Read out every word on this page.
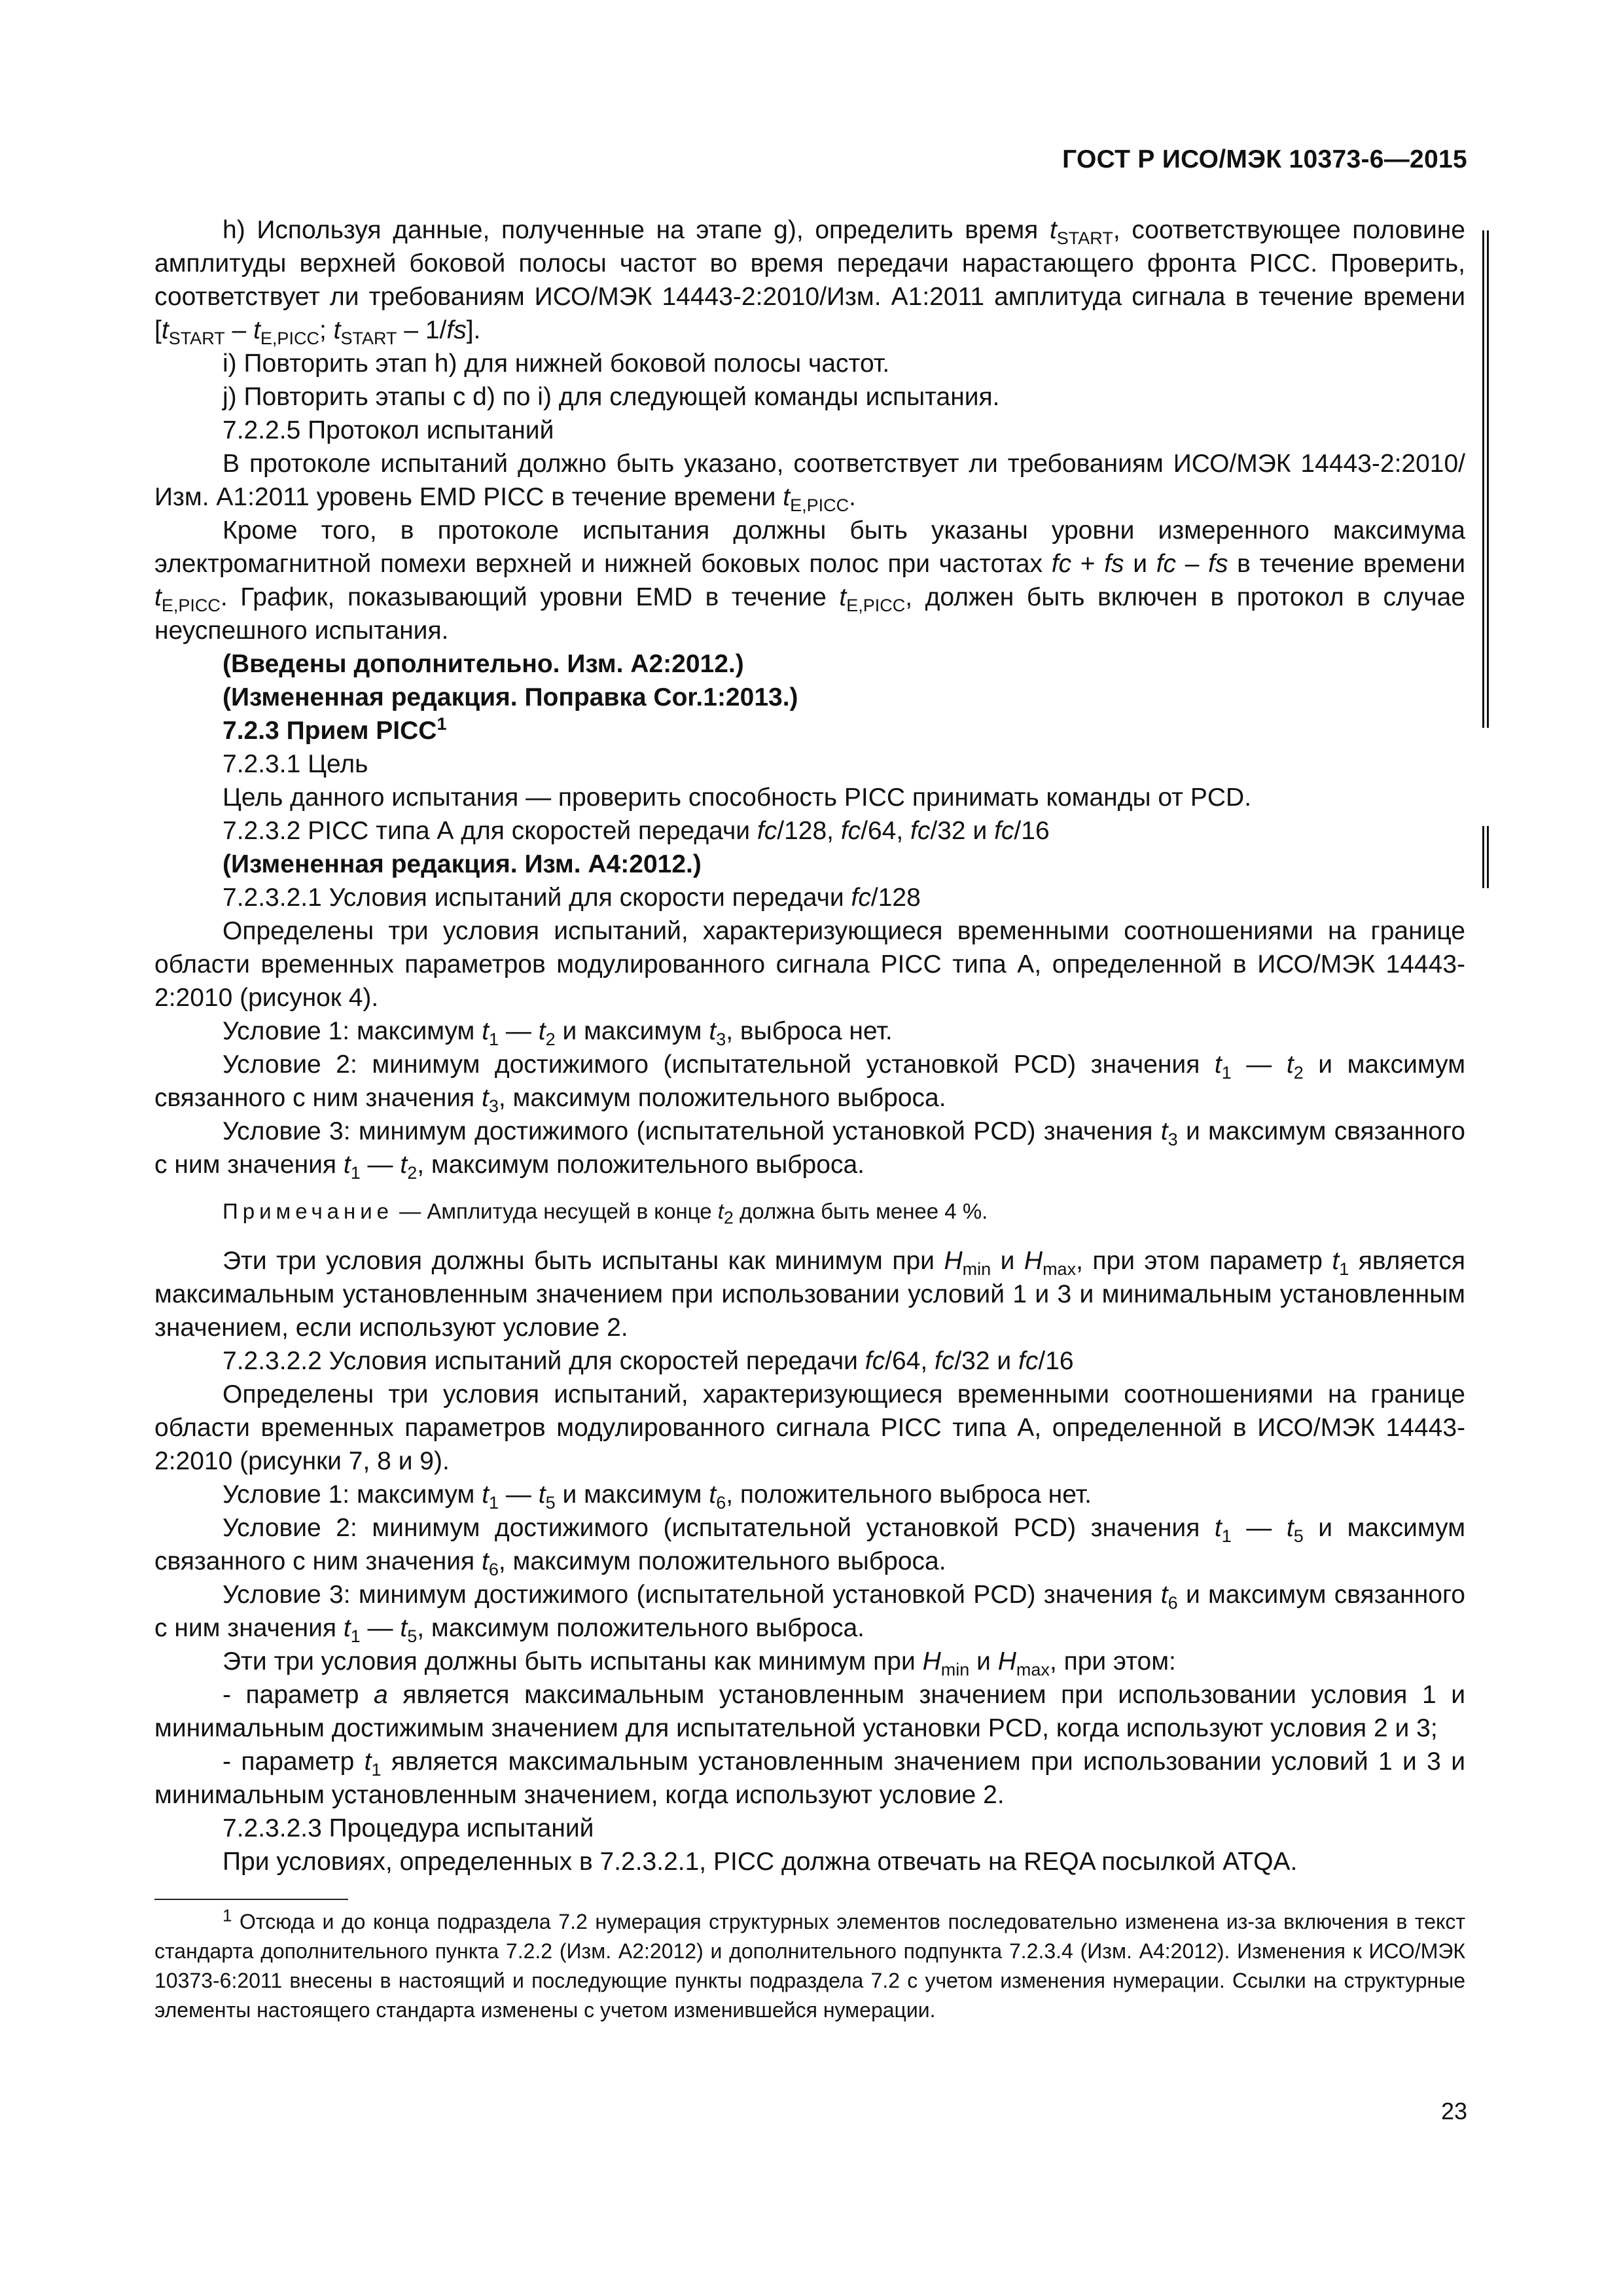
ГОСТ Р ИСО/МЭК 10373-6—2015

h) Используя данные, полученные на этапе g), определить время $t_{START}$, соответствующее половине амплитуды верхней боковой полосы частот во время передачи нарастающего фронта PICC. Проверить, соответствует ли требованиям ИСО/МЭК 14443-2:2010/Изм. A1:2011 амплитуда сигнала в течение времени [$t_{START} - t_{E,PICC}$; $t_{START} - 1/fs$].

i) Повторить этап h) для нижней боковой полосы частот.

j) Повторить этапы с d) по i) для следующей команды испытания.

7.2.2.5 Протокол испытаний

В протоколе испытаний должно быть указано, соответствует ли требованиям ИСО/МЭК 14443-2:2010/Изм. A1:2011 уровень EMD PICC в течение времени $t_{E,PICC}$.

Кроме того, в протоколе испытания должны быть указаны уровни измеренного максимума электромагнитной помехи верхней и нижней боковых полос при частотах fc + fs и fc – fs в течение времени $t_{E,PICC}$. График, показывающий уровни EMD в течение $t_{E,PICC}$, должен быть включен в протокол в случае неуспешного испытания.

(Введены дополнительно. Изм. A2:2012.)

(Измененная редакция. Поправка Cor.1:2013.)

7.2.3 Прием PICC$^1$

7.2.3.1 Цель

Цель данного испытания — проверить способность PICC принимать команды от PCD.

7.2.3.2 PICC типа А для скоростей передачи fc/128, fc/64, fc/32 и fc/16

(Измененная редакция. Изм. A4:2012.)

7.2.3.2.1 Условия испытаний для скорости передачи fc/128

Определены три условия испытаний, характеризующиеся временными соотношениями на границе области временных параметров модулированного сигнала PICC типа A, определенной в ИСО/МЭК 14443-2:2010 (рисунок 4).

Условие 1: максимум $t_1$ — $t_2$ и максимум $t_3$, выброса нет.

Условие 2: минимум достижимого (испытательной установкой PCD) значения $t_1$ — $t_2$ и максимум связанного с ним значения $t_3$, максимум положительного выброса.

Условие 3: минимум достижимого (испытательной установкой PCD) значения $t_3$ и максимум связанного с ним значения $t_1$ — $t_2$, максимум положительного выброса.

Примечание — Амплитуда несущей в конце $t_2$ должна быть менее 4 %.

Эти три условия должны быть испытаны как минимум при $H_{min}$ и $H_{max}$, при этом параметр $t_1$ является максимальным установленным значением при использовании условий 1 и 3 и минимальным установленным значением, если используют условие 2.

7.2.3.2.2 Условия испытаний для скоростей передачи fc/64, fc/32 и fc/16

Определены три условия испытаний, характеризующиеся временными соотношениями на границе области временных параметров модулированного сигнала PICC типа A, определенной в ИСО/МЭК 14443-2:2010 (рисунки 7, 8 и 9).

Условие 1: максимум $t_1$ — $t_5$ и максимум $t_6$, положительного выброса нет.

Условие 2: минимум достижимого (испытательной установкой PCD) значения $t_1$ — $t_5$ и максимум связанного с ним значения $t_6$, максимум положительного выброса.

Условие 3: минимум достижимого (испытательной установкой PCD) значения $t_6$ и максимум связанного с ним значения $t_1$ — $t_5$, максимум положительного выброса.

Эти три условия должны быть испытаны как минимум при $H_{min}$ и $H_{max}$, при этом:

- параметр a является максимальным установленным значением при использовании условия 1 и минимальным достижимым значением для испытательной установки PCD, когда используют условия 2 и 3;

- параметр $t_1$ является максимальным установленным значением при использовании условий 1 и 3 и минимальным установленным значением, когда используют условие 2.

7.2.3.2.3 Процедура испытаний

При условиях, определенных в 7.2.3.2.1, PICC должна отвечать на REQA посылкой ATQA.

$^1$ Отсюда и до конца подраздела 7.2 нумерация структурных элементов последовательно изменена из-за включения в текст стандарта дополнительного пункта 7.2.2 (Изм. A2:2012) и дополнительного подпункта 7.2.3.4 (Изм. A4:2012). Изменения к ИСО/МЭК 10373-6:2011 внесены в настоящий и последующие пункты подраздела 7.2 с учетом изменения нумерации. Ссылки на структурные элементы настоящего стандарта изменены с учетом изменившейся нумерации.
23
